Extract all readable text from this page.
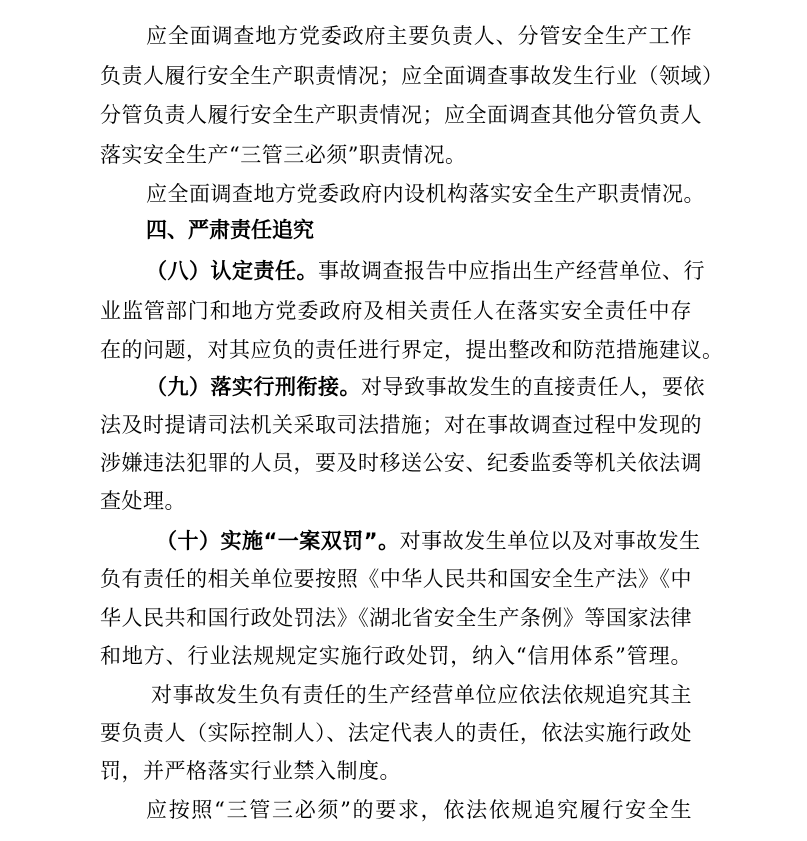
应全面调查地方党委政府主要负责人、分管安全生产工作
负责人履行安全生产职责情况；应全面调查事故发生行业（领域）
分管负责人履行安全生产职责情况；应全面调查其他分管负责人
落实安全生产“三管三必须”职责情况。
应全面调查地方党委政府内设机构落实安全生产职责情况。
四、严肃责任追究
（八）认定责任。事故调查报告中应指出生产经营单位、行
业监管部门和地方党委政府及相关责任人在落实安全责任中存
在的问题，对其应负的责任进行界定，提出整改和防范措施建议。
（九）落实行刑衔接。对导致事故发生的直接责任人，要依
法及时提请司法机关采取司法措施；对在事故调查过程中发现的
涉嫌违法犯罪的人员，要及时移送公安、纪委监委等机关依法调
查处理。
（十）实施“一案双罚”。对事故发生单位以及对事故发生
负有责任的相关单位要按照《中华人民共和国安全生产法》《中
华人民共和国行政处罚法》《湖北省安全生产条例》等国家法律
和地方、行业法规规定实施行政处罚，纳入“信用体系”管理。
对事故发生负有责任的生产经营单位应依法依规追究其主
要负责人（实际控制人）、法定代表人的责任，依法实施行政处
罚，并严格落实行业禁入制度。
应按照“三管三必须”的要求，依法依规追究履行安全生
